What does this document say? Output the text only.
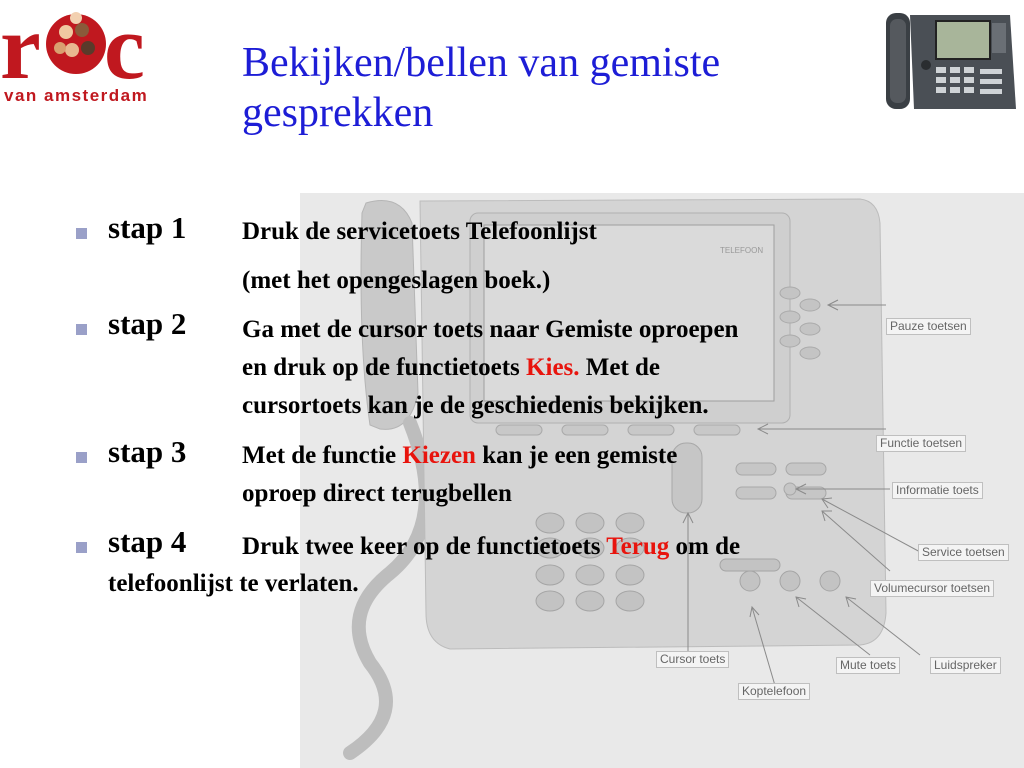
r c
van amsterdam
Bekijken/bellen van gemiste
gesprekken
TELEFOON
Pauze toetsen
Functie toetsen
Informatie toets
Service toetsen
Volumecursor toetsen
Cursor toets	Mute toets	Luidspreker
Koptelefoon
stap 1 Druk de servicetoets Telefoonlijst
(met het opengeslagen boek.)
stap 2 Ga met de cursor toets naar Gemiste oproepen
en druk op de functietoets Kies. Met de
cursortoets kan je de geschiedenis bekijken.
stap 3 Met de functie Kiezen kan je een gemiste
oproep direct terugbellen
stap 4 Druk twee keer op de functietoets Terug om de
telefoonlijst te verlaten.
